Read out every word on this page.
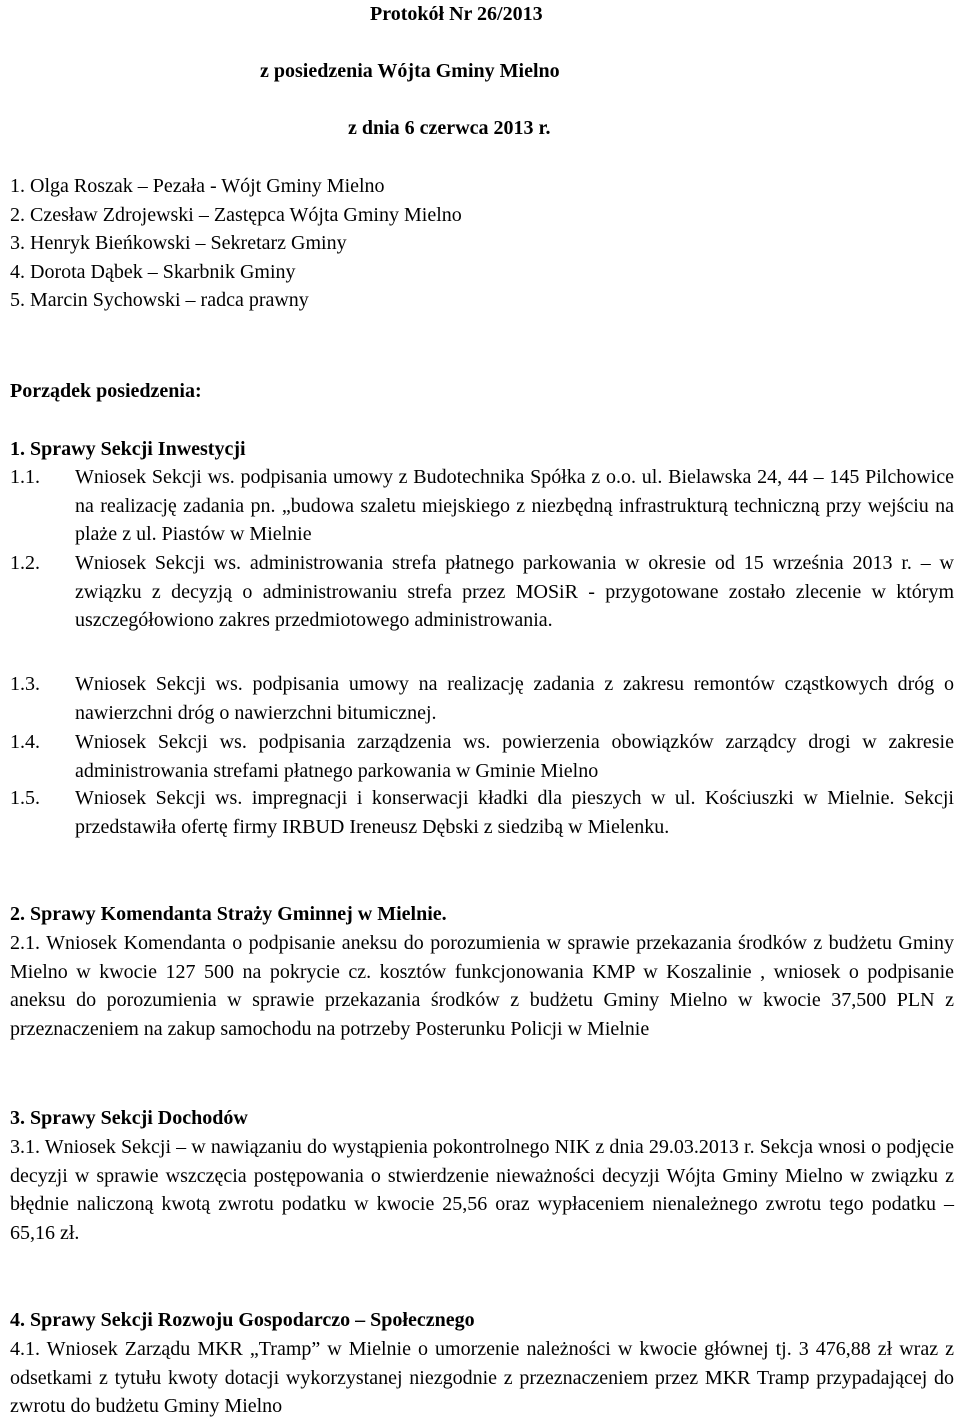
Protokół Nr 26/2013
z posiedzenia Wójta Gminy Mielno
z dnia 6 czerwca 2013 r.
1. Olga Roszak – Pezała - Wójt Gminy Mielno
2. Czesław Zdrojewski – Zastępca Wójta Gminy Mielno
3. Henryk Bieńkowski – Sekretarz Gminy
4. Dorota Dąbek – Skarbnik Gminy
5. Marcin Sychowski – radca prawny
Porządek posiedzenia:
1. Sprawy Sekcji Inwestycji
1.1. Wniosek Sekcji ws. podpisania umowy z Budotechnika Spółka z o.o. ul. Bielawska 24, 44 – 145 Pilchowice na realizację zadania pn. „budowa szaletu miejskiego z niezbędną infrastrukturą techniczną przy wejściu na plaże z ul. Piastów w Mielnie
1.2. Wniosek Sekcji ws. administrowania strefa płatnego parkowania w okresie od 15 września 2013 r. – w związku z decyzją o administrowaniu strefa przez MOSiR - przygotowane zostało zlecenie w którym uszczegółowiono zakres przedmiotowego administrowania.
1.3. Wniosek Sekcji ws. podpisania umowy na realizację zadania z zakresu remontów cząstkowych dróg o nawierzchni dróg o nawierzchni bitumicznej.
1.4. Wniosek Sekcji ws. podpisania zarządzenia ws. powierzenia obowiązków zarządcy drogi w zakresie administrowania strefami płatnego parkowania w Gminie Mielno
1.5. Wniosek Sekcji ws. impregnacji i konserwacji kładki dla pieszych w ul. Kościuszki w Mielnie. Sekcji przedstawiła ofertę firmy IRBUD Ireneusz Dębski z siedzibą w Mielenku.
2. Sprawy Komendanta Straży Gminnej w Mielnie.
2.1. Wniosek Komendanta o podpisanie aneksu do porozumienia w sprawie przekazania środków z budżetu Gminy Mielno w kwocie 127 500 na pokrycie cz. kosztów funkcjonowania KMP w Koszalinie , wniosek o podpisanie aneksu do porozumienia w sprawie przekazania środków z budżetu Gminy Mielno w kwocie 37,500 PLN z przeznaczeniem na zakup samochodu na potrzeby Posterunku Policji w Mielnie
3. Sprawy Sekcji Dochodów
3.1. Wniosek Sekcji – w nawiązaniu do wystąpienia pokontrolnego NIK z dnia 29.03.2013 r. Sekcja wnosi o podjęcie decyzji w sprawie wszczęcia postępowania o stwierdzenie nieważności decyzji Wójta Gminy Mielno w związku z błędnie naliczoną kwotą zwrotu podatku w kwocie 25,56 oraz wypłaceniem nienależnego zwrotu tego podatku – 65,16 zł.
4. Sprawy Sekcji Rozwoju Gospodarczo – Społecznego
4.1. Wniosek Zarządu MKR „Tramp” w Mielnie o umorzenie należności w kwocie głównej tj. 3 476,88 zł wraz z odsetkami z tytułu kwoty dotacji wykorzystanej niezgodnie z przeznaczeniem przez MKR Tramp przypadającej do zwrotu do budżetu Gminy Mielno
